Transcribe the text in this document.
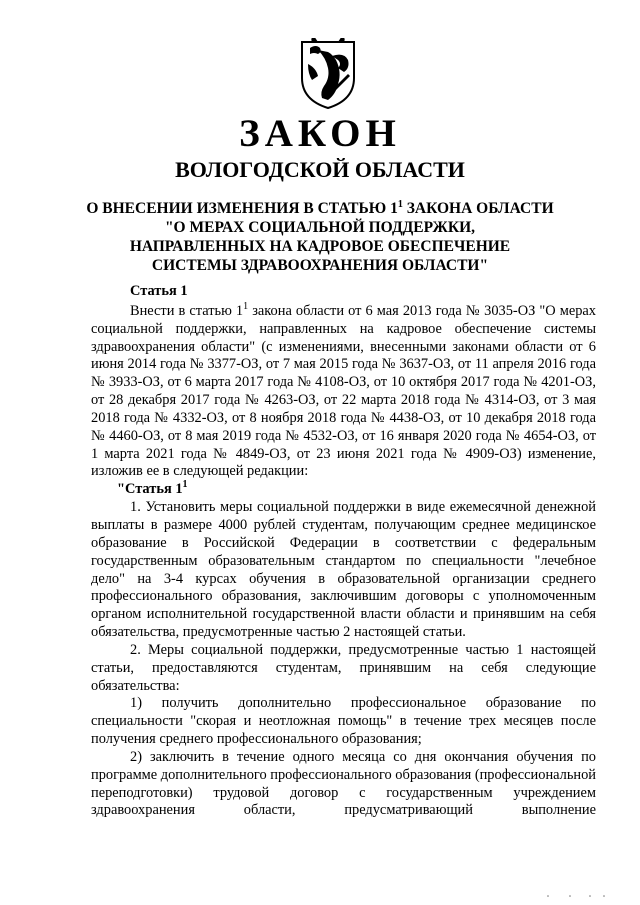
ЗАКОН
ВОЛОГОДСКОЙ ОБЛАСТИ
О ВНЕСЕНИИ ИЗМЕНЕНИЯ В СТАТЬЮ $1^1$ ЗАКОНА ОБЛАСТИ
"О МЕРАХ СОЦИАЛЬНОЙ ПОДДЕРЖКИ,
НАПРАВЛЕННЫХ НА КАДРОВОЕ ОБЕСПЕЧЕНИЕ
СИСТЕМЫ ЗДРАВООХРАНЕНИЯ ОБЛАСТИ"
Статья 1

Внести в статью $1^1$ закона области от 6 мая 2013 года № 3035-ОЗ "О мерах социальной поддержки, направленных на кадровое обеспечение системы здравоохранения области" (с изменениями, внесенными законами области от 6 июня 2014 года № 3377-ОЗ, от 7 мая 2015 года № 3637-ОЗ, от 11 апреля 2016 года № 3933-ОЗ, от 6 марта 2017 года № 4108-ОЗ, от 10 октября 2017 года № 4201-ОЗ, от 28 декабря 2017 года № 4263-ОЗ, от 22 марта 2018 года № 4314-ОЗ, от 3 мая 2018 года № 4332-ОЗ, от 8 ноября 2018 года № 4438-ОЗ, от 10 декабря 2018 года № 4460-ОЗ, от 8 мая 2019 года № 4532-ОЗ, от 16 января 2020 года № 4654-ОЗ, от 1 марта 2021 года № 4849-ОЗ, от 23 июня 2021 года № 4909-ОЗ) изменение, изложив ее в следующей редакции:

"Статья $1^1$

1. Установить меры социальной поддержки в виде ежемесячной денежной выплаты в размере 4000 рублей студентам, получающим среднее медицинское образование в Российской Федерации в соответствии с федеральным государственным образовательным стандартом по специальности "лечебное дело" на 3-4 курсах обучения в образовательной организации среднего профессионального образования, заключившим договоры с уполномоченным органом исполнительной государственной власти области и принявшим на себя обязательства, предусмотренные частью 2 настоящей статьи.

2. Меры социальной поддержки, предусмотренные частью 1 настоящей статьи, предоставляются студентам, принявшим на себя следующие обязательства:

1) получить дополнительно профессиональное образование по специальности "скорая и неотложная помощь" в течение трех месяцев после получения среднего профессионального образования;

2) заключить в течение одного месяца со дня окончания обучения по программе дополнительного профессионального образования (профессиональной переподготовки) трудовой договор с государственным учреждением здравоохранения области, предусматривающий выполнение
